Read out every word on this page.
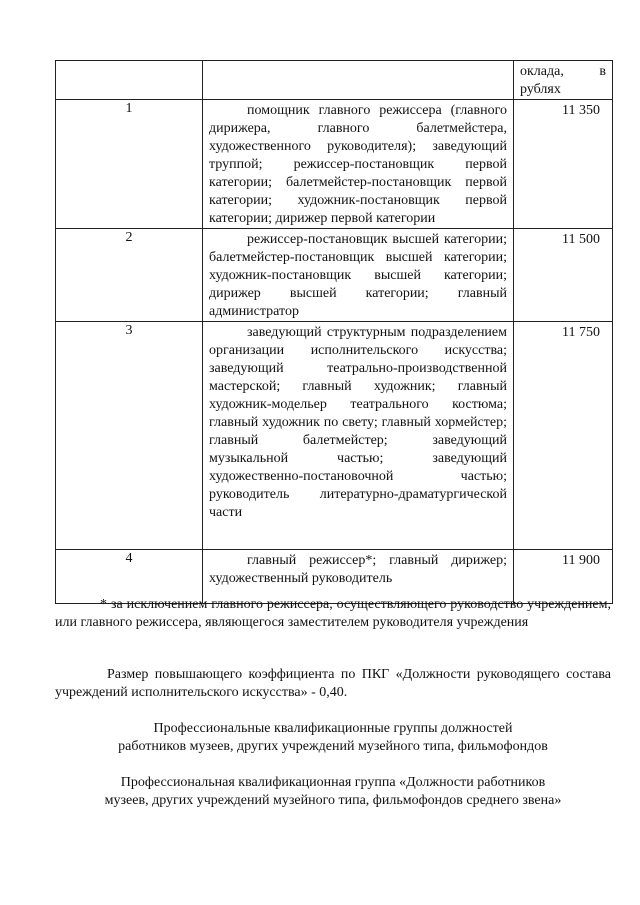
		оклада, в
рублях

1	помощник главного режиссера (главного дирижера, главного балетмейстера, художественного руководителя); заведующий труппой; режиссер-постановщик первой категории; балетмейстер-постановщик первой категории; художник-постановщик первой категории; дирижер первой категории	11 350

2	режиссер-постановщик высшей категории; балетмейстер-постановщик высшей категории; художник-постановщик высшей категории; дирижер высшей категории; главный администратор	11 500

3	заведующий структурным подразделением организации исполнительского искусства; заведующий театрально-производственной мастерской; главный художник; главный художник-модельер театрального костюма; главный художник по свету; главный хормейстер; главный балетмейстер; заведующий музыкальной частью; заведующий художественно-постановочной частью; руководитель литературно-драматургической части	11 750

4	главный режиссер*; главный дирижер; художественный руководитель	11 900
* за исключением главного режиссера, осуществляющего руководство учреждением, или главного режиссера, являющегося заместителем руководителя учреждения
Размер повышающего коэффициента по ПКГ «Должности руководящего состава учреждений исполнительского искусства» - 0,40.
Профессиональные квалификационные группы должностей
работников музеев, других учреждений музейного типа, фильмофондов
Профессиональная квалификационная группа «Должности работников
музеев, других учреждений музейного типа, фильмофондов среднего звена»
